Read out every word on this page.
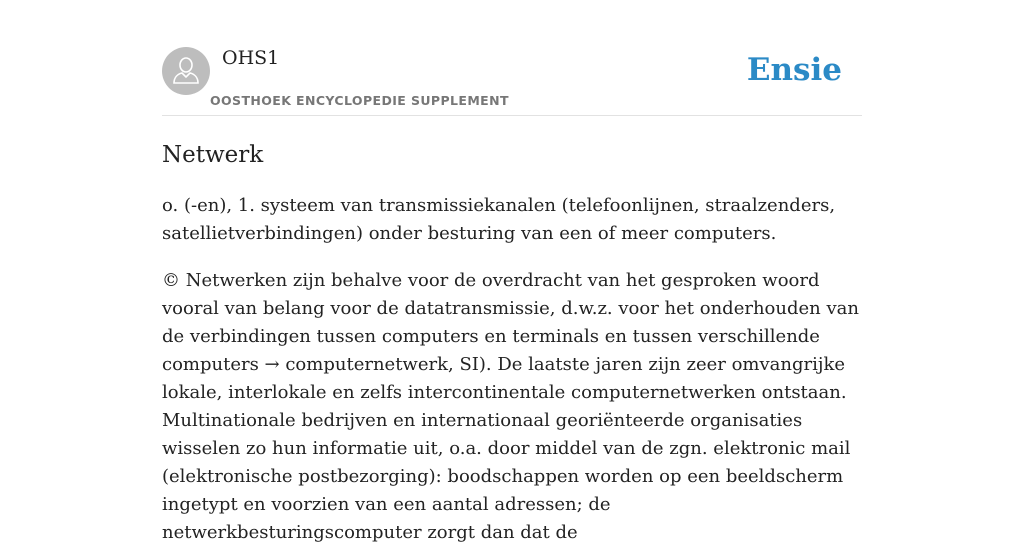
OHS1
OOSTHOEK ENCYCLOPEDIE SUPPLEMENT
Ensie
Netwerk

o. (-en), 1. systeem van transmissiekanalen (telefoonlijnen, straalzenders, satellietverbindingen) onder besturing van een of meer computers.

© Netwerken zijn behalve voor de overdracht van het gesproken woord vooral van belang voor de datatransmissie, d.w.z. voor het onderhouden van de verbindingen tussen computers en terminals en tussen verschillende computers → computernetwerk, SI). De laatste jaren zijn zeer omvangrijke lokale, interlokale en zelfs intercontinentale computernetwerken ontstaan. Multinationale bedrijven en internationaal georiënteerde organisaties wisselen zo hun informatie uit, o.a. door middel van de zgn. elektronic mail (elektronische postbezorging): boodschappen worden op een beeldscherm ingetypt en voorzien van een aantal adressen; de netwerkbesturingscomputer zorgt dan dat de
